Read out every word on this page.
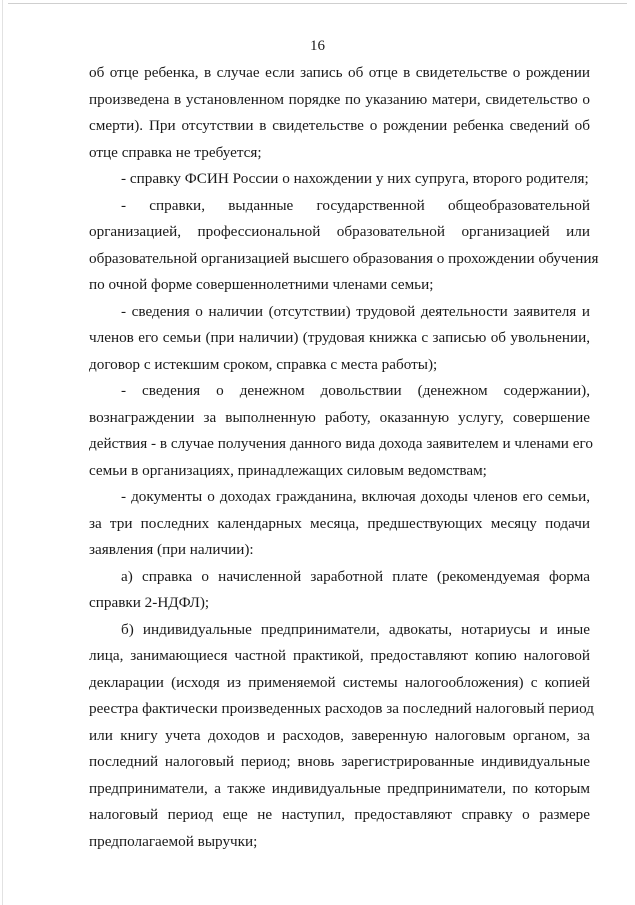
16
об отце ребенка, в случае если запись об отце в свидетельстве о рождении
произведена в установленном порядке по указанию матери, свидетельство о
смерти). При отсутствии в свидетельстве о рождении ребенка сведений об
отце справка не требуется;
- справку ФСИН России о нахождении у них супруга, второго родителя;
- справки, выданные государственной общеобразовательной
организацией, профессиональной образовательной организацией или
образовательной организацией высшего образования о прохождении обучения
по очной форме совершеннолетними членами семьи;
- сведения о наличии (отсутствии) трудовой деятельности заявителя и
членов его семьи (при наличии) (трудовая книжка с записью об увольнении,
договор с истекшим сроком, справка с места работы);
- сведения о денежном довольствии (денежном содержании),
вознаграждении за выполненную работу, оказанную услугу, совершение
действия - в случае получения данного вида дохода заявителем и членами его
семьи в организациях, принадлежащих силовым ведомствам;
- документы о доходах гражданина, включая доходы членов его семьи,
за три последних календарных месяца, предшествующих месяцу подачи
заявления (при наличии):
а) справка о начисленной заработной плате (рекомендуемая форма
справки 2-НДФЛ);
б) индивидуальные предприниматели, адвокаты, нотариусы и иные
лица, занимающиеся частной практикой, предоставляют копию налоговой
декларации (исходя из применяемой системы налогообложения) с копией
реестра фактически произведенных расходов за последний налоговый период
или книгу учета доходов и расходов, заверенную налоговым органом, за
последний налоговый период; вновь зарегистрированные индивидуальные
предприниматели, а также индивидуальные предприниматели, по которым
налоговый период еще не наступил, предоставляют справку о размере
предполагаемой выручки;
